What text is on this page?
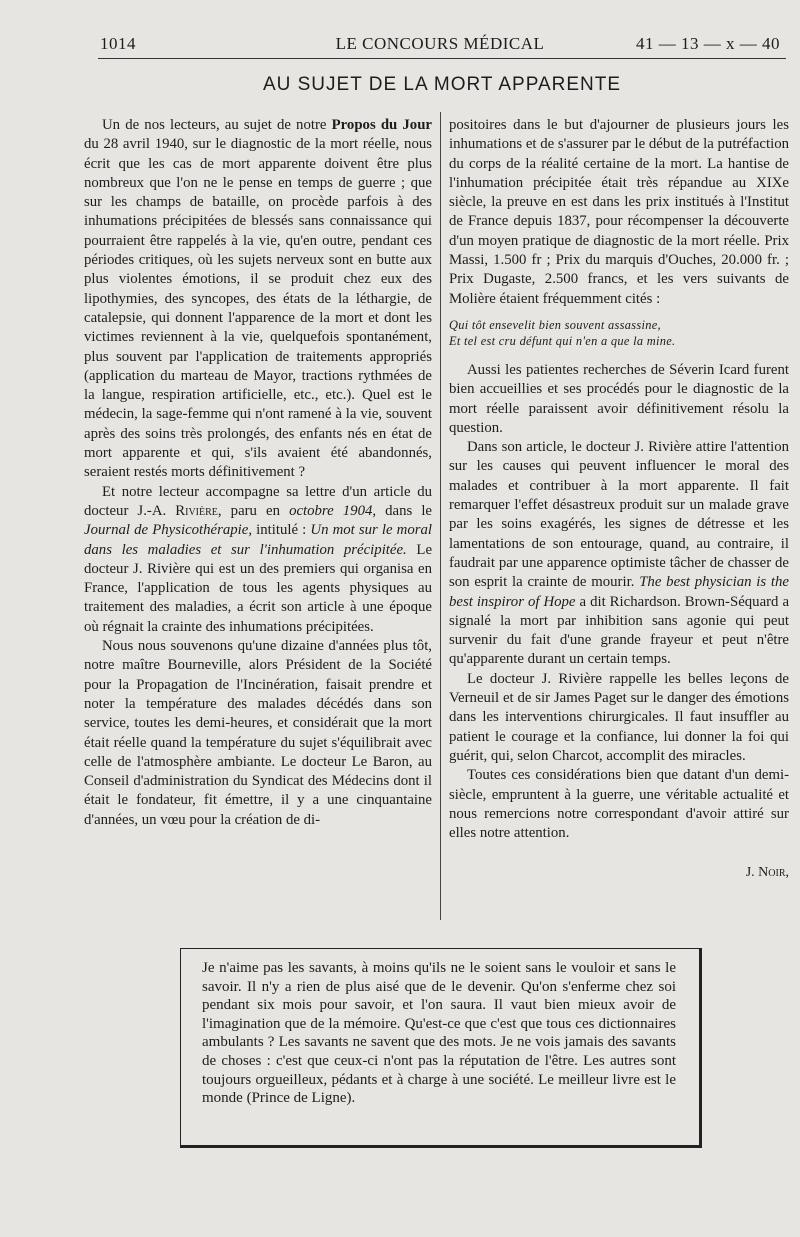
1014	LE CONCOURS MÉDICAL	41 — 13 — x — 40
AU SUJET DE LA MORT APPARENTE

Un de nos lecteurs, au sujet de notre Propos du Jour du 28 avril 1940, sur le diagnostic de la mort réelle, nous écrit que les cas de mort apparente doivent être plus nombreux que l'on ne le pense en temps de guerre ; que sur les champs de bataille, on procède parfois à des inhumations précipitées de blessés sans connaissance qui pourraient être rappelés à la vie, qu'en outre, pendant ces périodes critiques, où les sujets nerveux sont en butte aux plus violentes émotions, il se produit chez eux des lipothymies, des syncopes, des états de la léthargie, de catalepsie, qui donnent l'apparence de la mort et dont les victimes reviennent à la vie, quelquefois spontanément, plus souvent par l'application de traitements appropriés (application du marteau de Mayor, tractions rythmées de la langue, respiration artificielle, etc., etc.). Quel est le médecin, la sage-femme qui n'ont ramené à la vie, souvent après des soins très prolongés, des enfants nés en état de mort apparente et qui, s'ils avaient été abandonnés, seraient restés morts définitivement ?

Et notre lecteur accompagne sa lettre d'un article du docteur J.-A. Rivière, paru en octobre 1904, dans le Journal de Physicothérapie, intitulé : Un mot sur le moral dans les maladies et sur l'inhumation précipitée. Le docteur J. Rivière qui est un des premiers qui organisa en France, l'application de tous les agents physiques au traitement des maladies, a écrit son article à une époque où régnait la crainte des inhumations précipitées.

Nous nous souvenons qu'une dizaine d'années plus tôt, notre maître Bourneville, alors Président de la Société pour la Propagation de l'Incinération, faisait prendre et noter la température des malades décédés dans son service, toutes les demi-heures, et considérait que la mort était réelle quand la température du sujet s'équilibrait avec celle de l'atmosphère ambiante. Le docteur Le Baron, au Conseil d'administration du Syndicat des Médecins dont il était le fondateur, fit émettre, il y a une cinquantaine d'années, un vœu pour la création de di-

positoires dans le but d'ajourner de plusieurs jours les inhumations et de s'assurer par le début de la putréfaction du corps de la réalité certaine de la mort. La hantise de l'inhumation précipitée était très répandue au XIXe siècle, la preuve en est dans les prix institués à l'Institut de France depuis 1837, pour récompenser la découverte d'un moyen pratique de diagnostic de la mort réelle. Prix Massi, 1.500 fr ; Prix du marquis d'Ouches, 20.000 fr. ; Prix Dugaste, 2.500 francs, et les vers suivants de Molière étaient fréquemment cités :

Qui tôt ensevelit bien souvent assassine,
Et tel est cru défunt qui n'en a que la mine.

Aussi les patientes recherches de Séverin Icard furent bien accueillies et ses procédés pour le diagnostic de la mort réelle paraissent avoir définitivement résolu la question.

Dans son article, le docteur J. Rivière attire l'attention sur les causes qui peuvent influencer le moral des malades et contribuer à la mort apparente. Il fait remarquer l'effet désastreux produit sur un malade grave par les soins exagérés, les signes de détresse et les lamentations de son entourage, quand, au contraire, il faudrait par une apparence optimiste tâcher de chasser de son esprit la crainte de mourir. The best physician is the best inspiror of Hope a dit Richardson. Brown-Séquard a signalé la mort par inhibition sans agonie qui peut survenir du fait d'une grande frayeur et peut n'être qu'apparente durant un certain temps.

Le docteur J. Rivière rappelle les belles leçons de Verneuil et de sir James Paget sur le danger des émotions dans les interventions chirurgicales. Il faut insuffler au patient le courage et la confiance, lui donner la foi qui guérit, qui, selon Charcot, accomplit des miracles.

Toutes ces considérations bien que datant d'un demi-siècle, empruntent à la guerre, une véritable actualité et nous remercions notre correspondant d'avoir attiré sur elles notre attention.

J. Noir,

Je n'aime pas les savants, à moins qu'ils ne le soient sans le vouloir et sans le savoir. Il n'y a rien de plus aisé que de le devenir. Qu'on s'enferme chez soi pendant six mois pour savoir, et l'on saura. Il vaut bien mieux avoir de l'imagination que de la mémoire. Qu'est-ce que c'est que tous ces dictionnaires ambulants ? Les savants ne savent que des mots. Je ne vois jamais des savants de choses : c'est que ceux-ci n'ont pas la réputation de l'être. Les autres sont toujours orgueilleux, pédants et à charge à une société. Le meilleur livre est le monde (Prince de Ligne).
